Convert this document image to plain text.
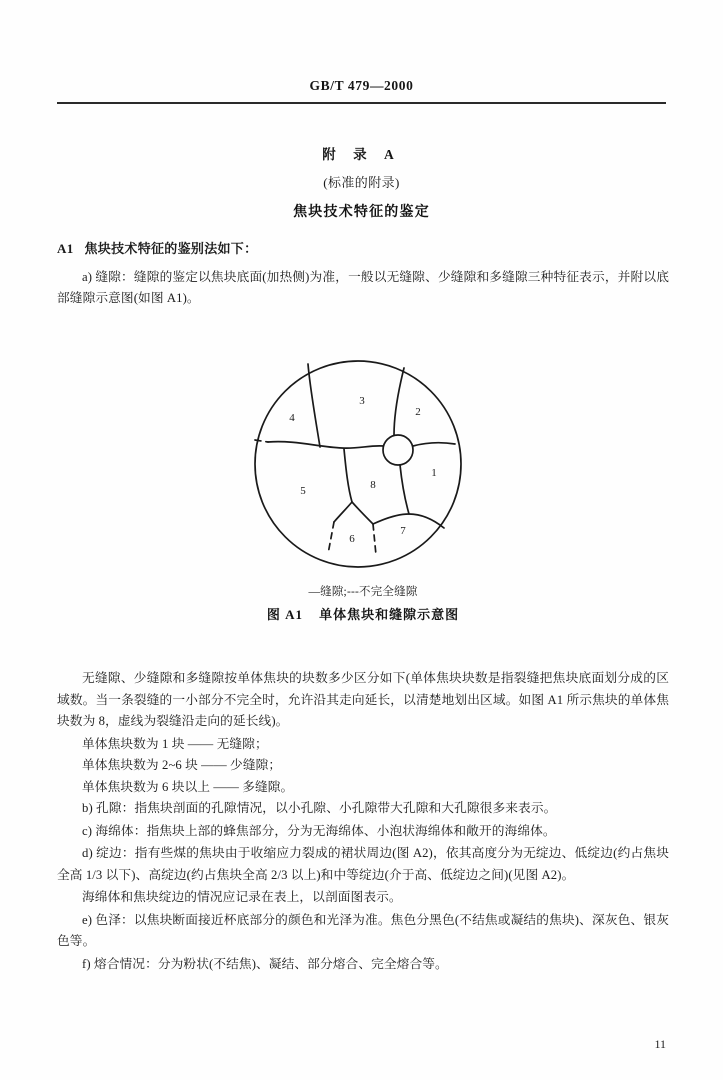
GB/T 479—2000
附 录 A
(标准的附录)
焦块技术特征的鉴定
A1 焦块技术特征的鉴别法如下：

a) 缝隙：缝隙的鉴定以焦块底面(加热侧)为准，一般以无缝隙、少缝隙和多缝隙三种特征表示，并附以底部缝隙示意图(如图 A1)。

1
2
3
4
5
6
7
8
—缝隙;---不完全缝隙
图 A1 单体焦块和缝隙示意图

无缝隙、少缝隙和多缝隙按单体焦块的块数多少区分如下(单体焦块块数是指裂缝把焦块底面划分成的区域数。当一条裂缝的一小部分不完全时，允许沿其走向延长，以清楚地划出区域。如图 A1 所示焦块的单体焦块数为 8，虚线为裂缝沿走向的延长线)。

单体焦块数为 1 块 —— 无缝隙；

单体焦块数为 2~6 块 —— 少缝隙；

单体焦块数为 6 块以上 —— 多缝隙。

b) 孔隙：指焦块剖面的孔隙情况，以小孔隙、小孔隙带大孔隙和大孔隙很多来表示。

c) 海绵体：指焦块上部的蜂焦部分，分为无海绵体、小泡状海绵体和敞开的海绵体。

d) 绽边：指有些煤的焦块由于收缩应力裂成的裙状周边(图 A2)，依其高度分为无绽边、低绽边(约占焦块全高 1/3 以下)、高绽边(约占焦块全高 2/3 以上)和中等绽边(介于高、低绽边之间)(见图 A2)。

海绵体和焦块绽边的情况应记录在表上，以剖面图表示。

e) 色泽：以焦块断面接近杯底部分的颜色和光泽为准。焦色分黑色(不结焦或凝结的焦块)、深灰色、银灰色等。

f) 熔合情况：分为粉状(不结焦)、凝结、部分熔合、完全熔合等。

11
